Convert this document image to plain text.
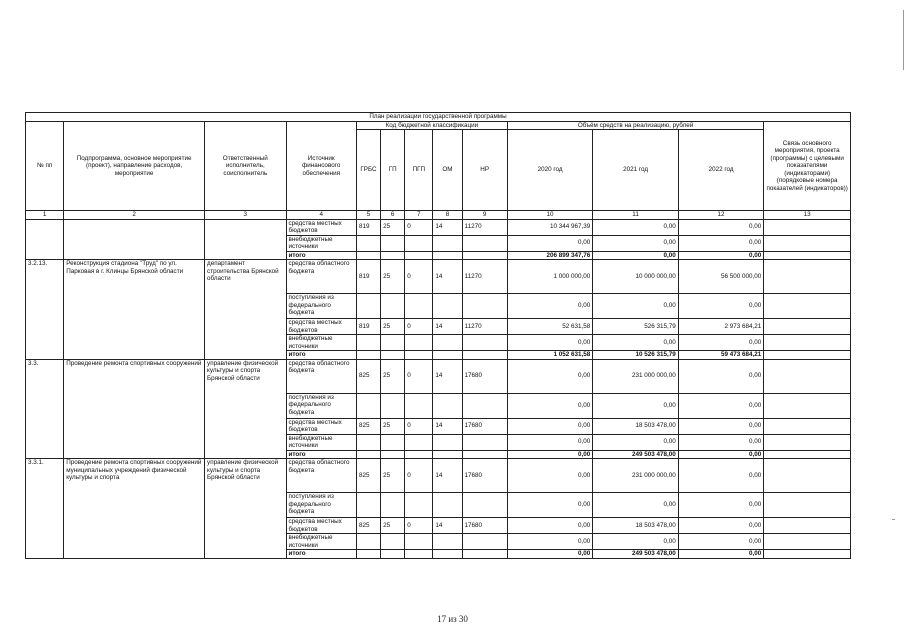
План реализации государственной программы												
№ пп	Подпрограмма, основное мероприятие (проект), направление расходов, мероприятие	Ответственный исполнитель, соисполнитель	Источник финансового обеспечения	Код бюджетной классификации					Объём средств на реализацию, рублей			Связь основного мероприятия, проекта (программы) с целевыми показателями (индикаторами) (порядковые номера показателей (индикаторов))
				ГРБС	ГП	ПГП	ОМ	НР	2020 год	2021 год	2022 год	
1	2	3	4	5	6	7	8	9	10	11	12	13
			средства местных бюджетов	819	25	0	14	11270	10 344 967,39	0,00	0,00	
			внебюджетные источники						0,00	0,00	0,00	
			итого						206 899 347,76	0,00	0,00	
3.2.13.	Реконструкция стадиона "Труд" по ул. Парковая в г. Клинцы Брянской области	департамент строительства Брянской области	средства областного бюджета	819	25	0	14	11270	1 000 000,00	10 000 000,00	56 500 000,00	
			поступления из федерального бюджета						0,00	0,00	0,00	
			средства местных бюджетов	819	25	0	14	11270	52 631,58	526 315,79	2 973 684,21	
			внебюджетные источники						0,00	0,00	0,00	
			итого						1 052 631,58	10 526 315,79	59 473 684,21	
3.3.	Проведение ремонта спортивных сооружений	управление физической культуры и спорта Брянской области	средства областного бюджета	825	25	0	14	17680	0,00	231 000 000,00	0,00	
			поступления из федерального бюджета						0,00	0,00	0,00	
			средства местных бюджетов	825	25	0	14	17680	0,00	18 503 478,00	0,00	
			внебюджетные источники						0,00	0,00	0,00	
			итого						0,00	249 503 478,00	0,00	
3.3.1.	Проведение ремонта спортивных сооружений муниципальных учреждений физической культуры и спорта	управление физической культуры и спорта Брянской области	средства областного бюджета	825	25	0	14	17680	0,00	231 000 000,00	0,00	
			поступления из федерального бюджета						0,00	0,00	0,00	
			средства местных бюджетов	825	25	0	14	17680	0,00	18 503 478,00	0,00	
			внебюджетные источники						0,00	0,00	0,00	
			итого						0,00	249 503 478,00	0,00	
17 из 30
